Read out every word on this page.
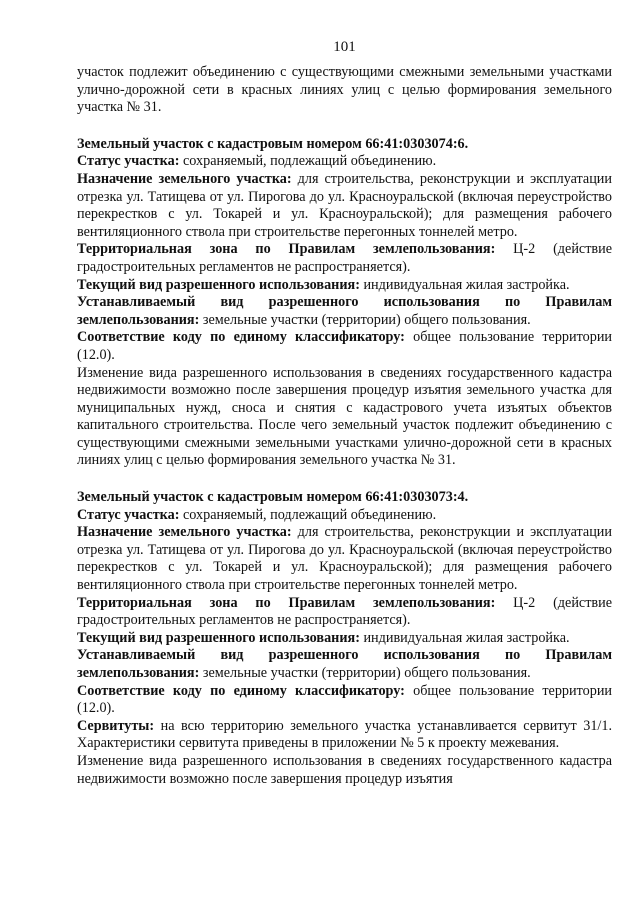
101

участок подлежит объединению с существующими смежными земельными участками улично-дорожной сети в красных линиях улиц с целью формирования земельного участка № 31.

Земельный участок с кадастровым номером 66:41:0303074:6.

Статус участка: сохраняемый, подлежащий объединению.

Назначение земельного участка: для строительства, реконструкции и эксплуатации отрезка ул. Татищева от ул. Пирогова до ул. Красноуральской (включая переустройство перекрестков с ул. Токарей и ул. Красноуральской); для размещения рабочего вентиляционного ствола при строительстве перегонных тоннелей метро.

Территориальная зона по Правилам землепользования: Ц-2 (действие градостроительных регламентов не распространяется).

Текущий вид разрешенного использования: индивидуальная жилая застройка.

Устанавливаемый вид разрешенного использования по Правилам землепользования: земельные участки (территории) общего пользования.

Соответствие коду по единому классификатору: общее пользование территории (12.0).

Изменение вида разрешенного использования в сведениях государственного кадастра недвижимости возможно после завершения процедур изъятия земельного участка для муниципальных нужд, сноса и снятия с кадастрового учета изъятых объектов капитального строительства. После чего земельный участок подлежит объединению с существующими смежными земельными участками улично-дорожной сети в красных линиях улиц с целью формирования земельного участка № 31.

Земельный участок с кадастровым номером 66:41:0303073:4.

Статус участка: сохраняемый, подлежащий объединению.

Назначение земельного участка: для строительства, реконструкции и эксплуатации отрезка ул. Татищева от ул. Пирогова до ул. Красноуральской (включая переустройство перекрестков с ул. Токарей и ул. Красноуральской); для размещения рабочего вентиляционного ствола при строительстве перегонных тоннелей метро.

Территориальная зона по Правилам землепользования: Ц-2 (действие градостроительных регламентов не распространяется).

Текущий вид разрешенного использования: индивидуальная жилая застройка.

Устанавливаемый вид разрешенного использования по Правилам землепользования: земельные участки (территории) общего пользования.

Соответствие коду по единому классификатору: общее пользование территории (12.0).

Сервитуты: на всю территорию земельного участка устанавливается сервитут 31/1. Характеристики сервитута приведены в приложении № 5 к проекту межевания.

Изменение вида разрешенного использования в сведениях государственного кадастра недвижимости возможно после завершения процедур изъятия
